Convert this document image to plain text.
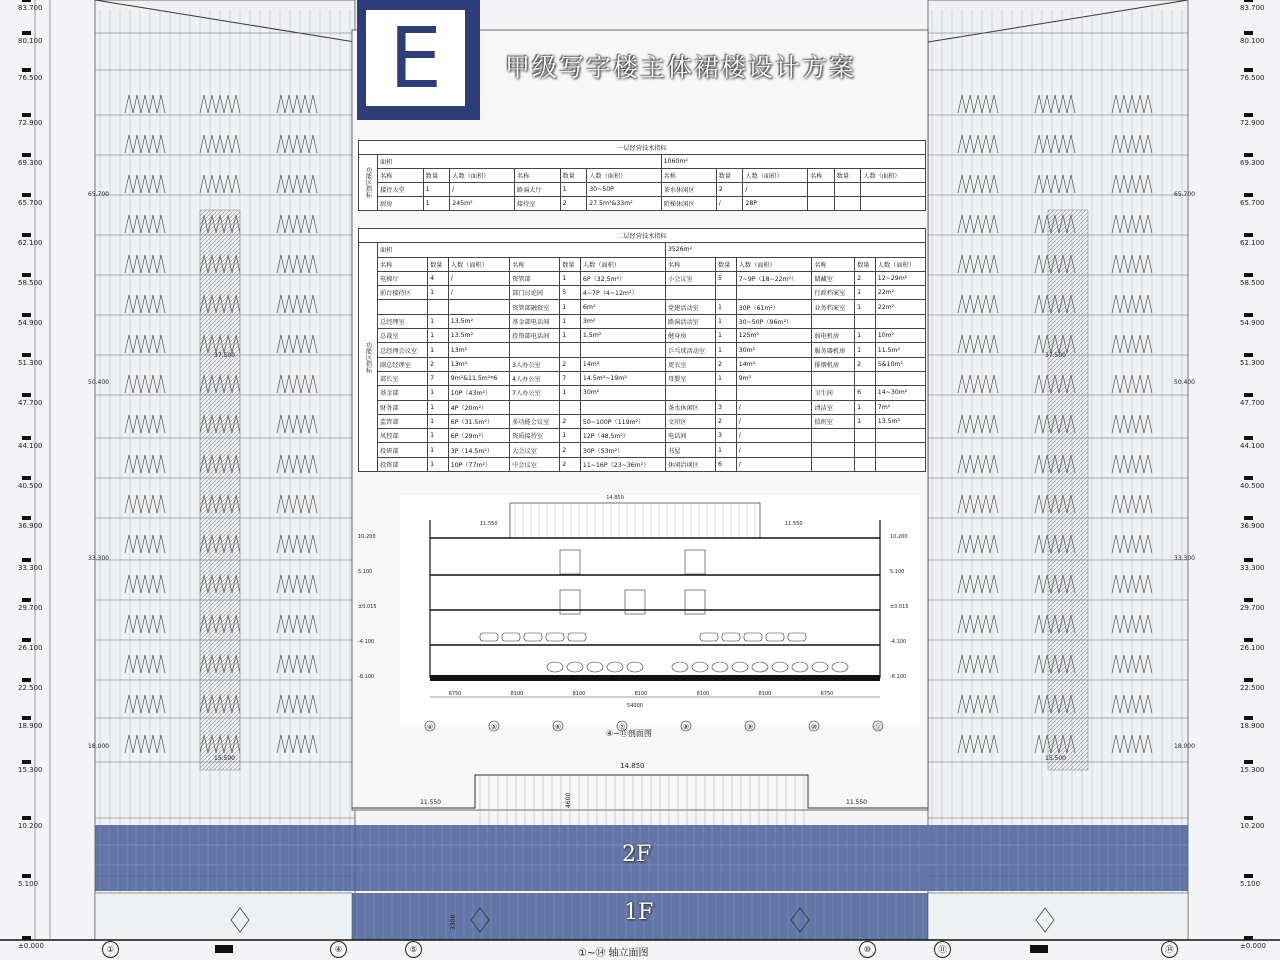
65.700	65.700
50.400	50.400
37.500	37.500
33.300	33.300
18.000	18.000
15.500	15.500
14.850
11.550	11.550
4600
3300
14.850
11.550	11.550
10.200
5.100
±0.015
-4.100
-8.100
10.200
5.100
±0.015
-4.100
-8.100
6750	8100	8100	8100	8100	8100	6750
54000
④	⑤	⑥	⑦	⑧	⑨	⑩	⑪
83.700
80.100
76.500
72.900
69.300
65.700
62.100
58.500
54.900
51.300
47.700
44.100
40.500
36.900
33.300
29.700
26.100
22.500
18.900
15.300
10.200
5.100
±0.000
83.700
80.100
76.500
72.900
69.300
65.700
62.100
58.500
54.900
51.300
47.700
44.100
40.500
36.900
33.300
29.700
26.100
22.500
18.900
15.300
10.200
5.100
±0.000
E	甲级写字楼主体裙楼设计方案
一层经营技术指标												
功能区指标	面积						1060m²					
	名称	数量	人数（面积）	名称	数量	人数（面积）	名称	数量	人数（面积）	名称	数量	人数（面积）
	接待大堂	1	/	路演大厅	1	30~50P	茶水休闲区	2	/			
	厨房	1	245m²	接待室	2	27.5m²&33m²	阶梯休闲区	/	28P			
二层经营技术指标												
功能区指标	面积						3526m²					
	名称	数量	人数（面积）	名称	数量	人数（面积）	名称	数量	人数（面积）	名称	数量	人数（面积）
	电梯厅	4	/	资管部	1	6P（32.5m²）	小会议室	5	7~9P（18~22m²）	储藏室	2	12~29m²
	前台接待区	1	/	部门讨论间	5	4~7P（4~12m²）				行政档案室	1	22m²
				资管部融资室	1	6m²	党建活动室	1	30P（61m²）	业务档案室	1	22m²
	总经理室	1	13.5m²	基金部电话间	1	3m²	路演活动室	1	30~50P（96m²）			
	总裁室	1	13.5m²	投资部电话间	1	1.5m²	健身房	1	125m²	弱电机房	1	10m²
	总经理会议室	1	13m²				乒乓球活动室	1	30m²	服务器机房	1	11.5m²
	副总经理室	2	13m²	3人办公室	2	14m²	更衣室	2	14m²	排烟机房	2	5&10m²
	部长室	7	9m²&11.5m²*6	4人办公室	7	14.5m²~19m²	母婴室	1	9m²			
	基金部	1	10P（43m²）	7人办公室	1	30m²				卫生间	6	14~30m²
	财务部	1	4P（20m²）				茶水休闲区	3	/	清洁室	1	7m²
	监管部	1	6P（31.5m²）	多功能会议室	2	50~100P（119m²）	文印区	2	/	值班室	1	13.5m²
	风控部	1	6P（29m²）	资质接待室	1	12P（48.5m²）	电话间	3	/			
	投研部	1	3P（14.5m²）	大会议室	2	30P（53m²）	书屋	1	/			
	投资部	1	10P（77m²）	中会议室	2	11~16P（23~36m²）	休闲洽谈区	6	/			
2F
1F
④~⑪剖面图
①~⑭ 轴立面图
①	④	⑤	⑩	⑪	⑭
